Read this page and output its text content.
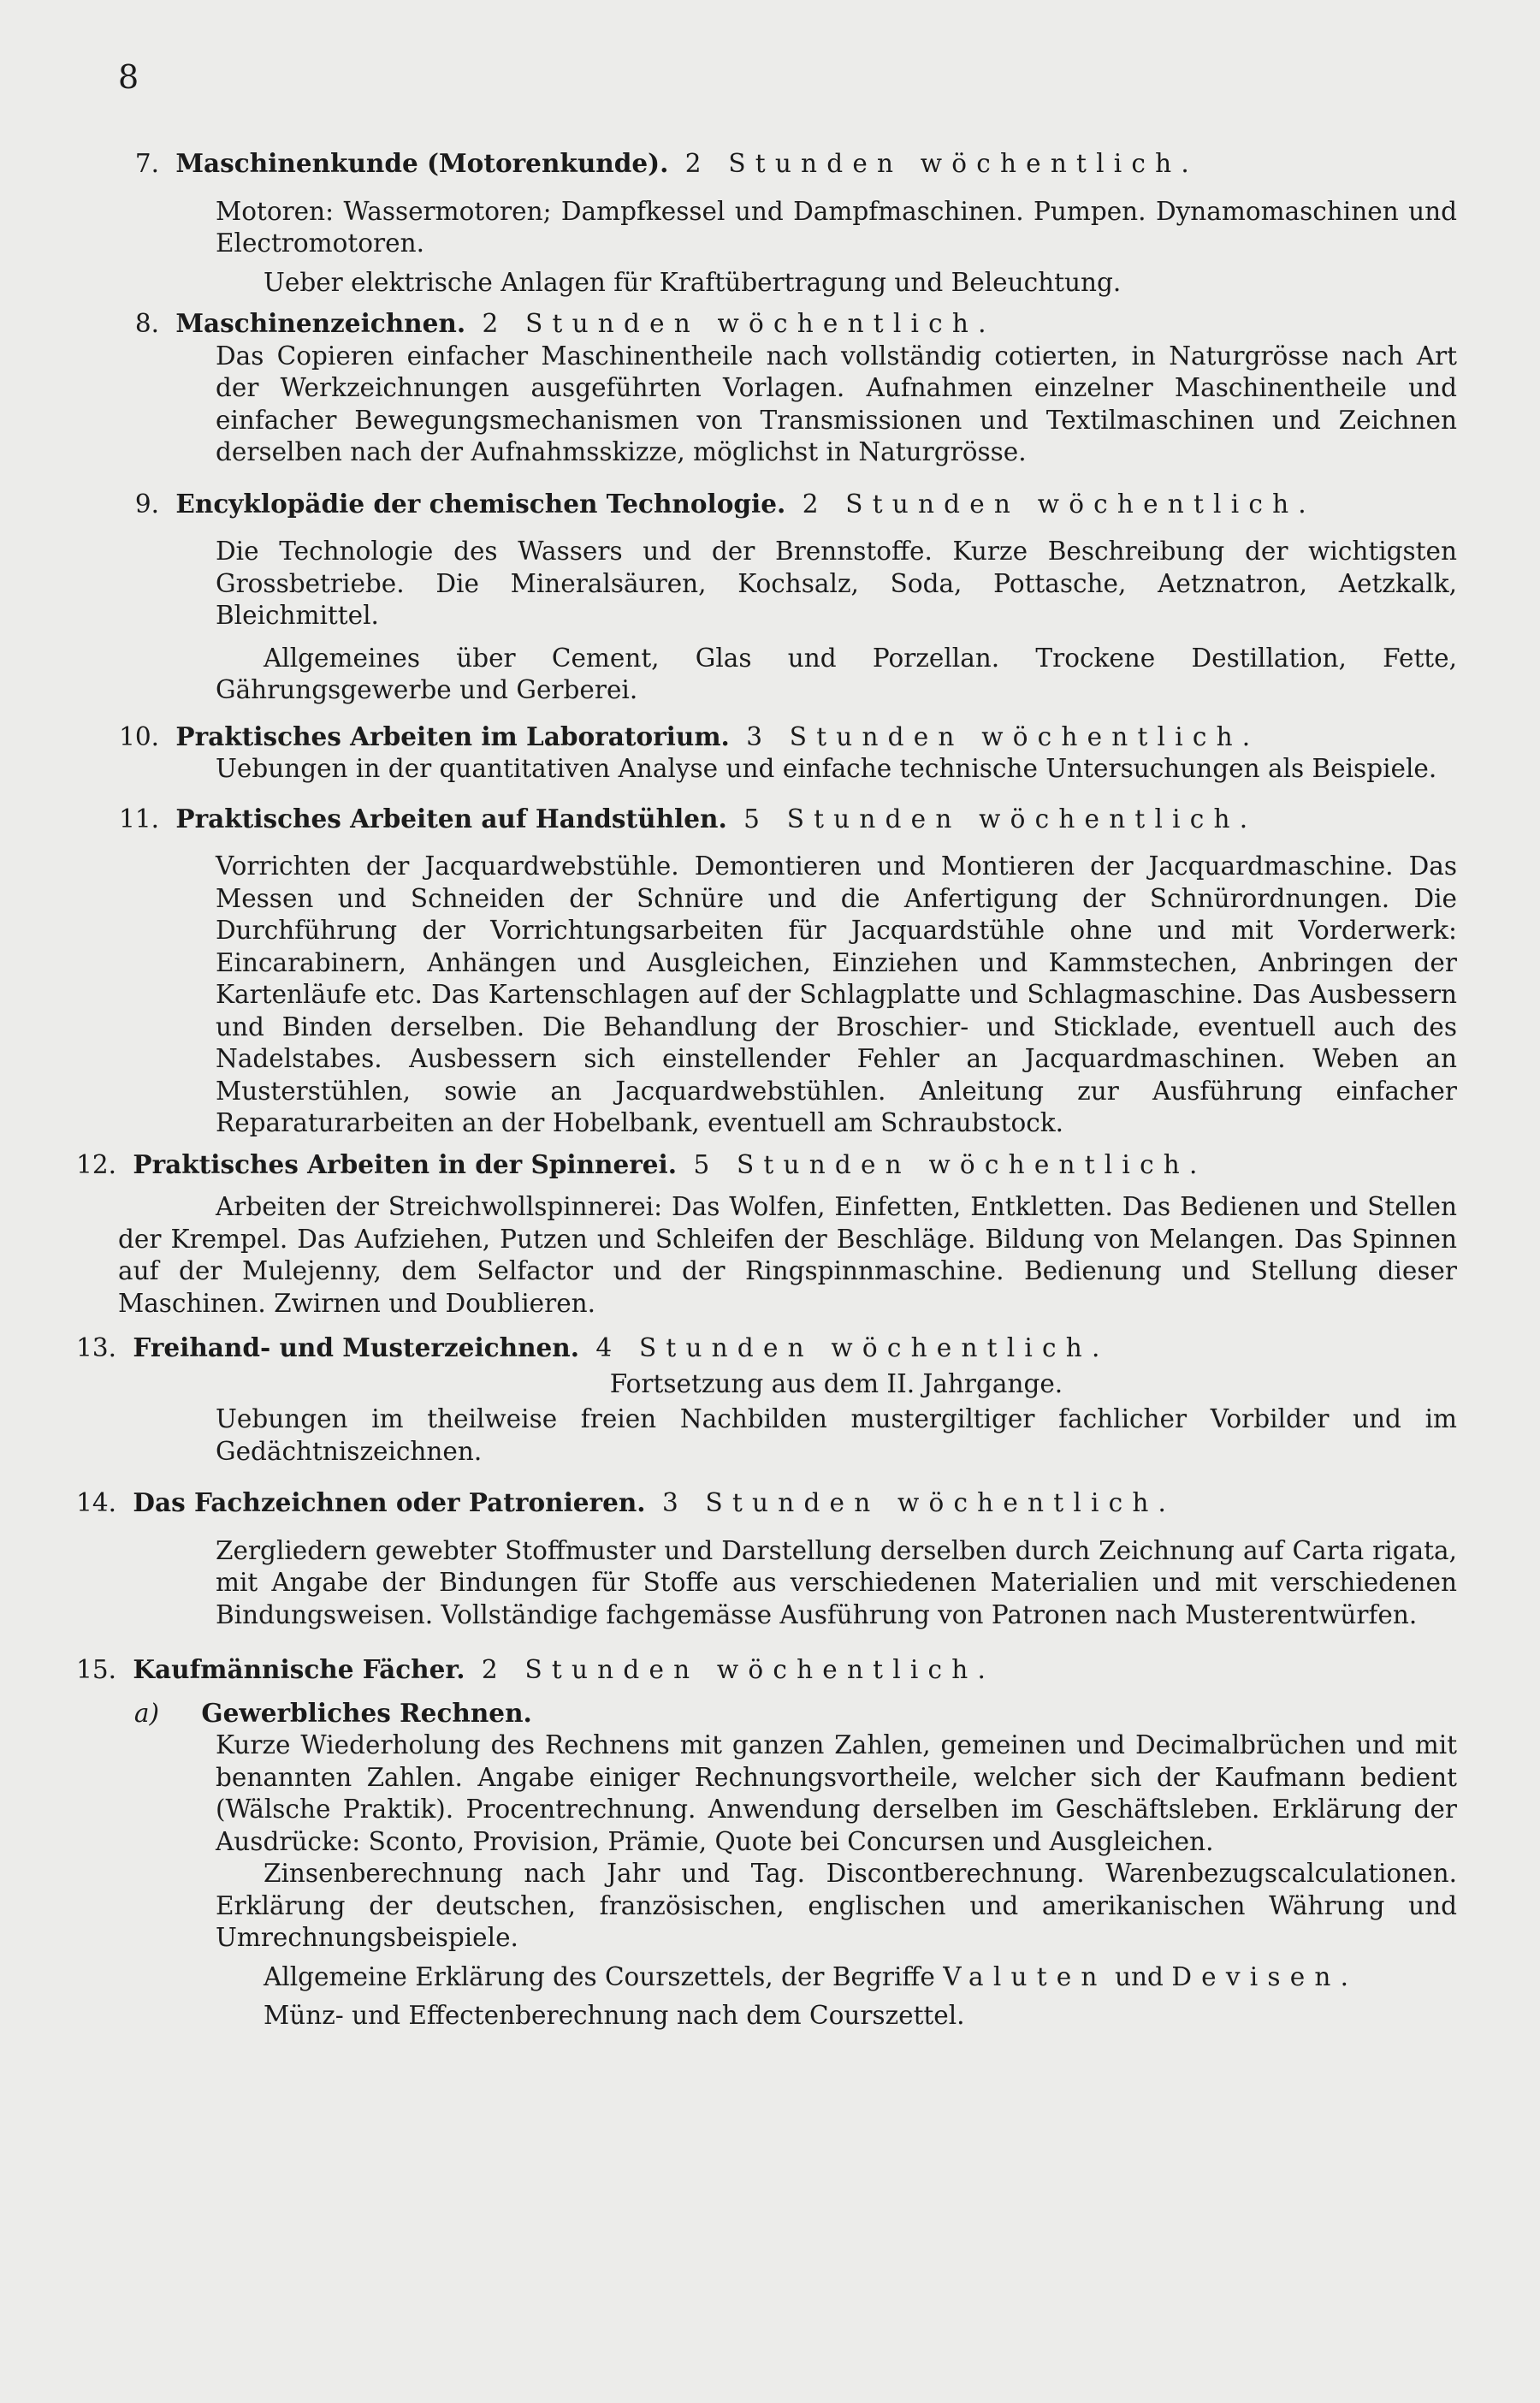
8
7. Maschinenkunde (Motorenkunde). 2 Stunden wöchentlich.
Motoren: Wassermotoren; Dampfkessel und Dampfmaschinen. Pumpen. Dynamomaschinen und Electromotoren.
Ueber elektrische Anlagen für Kraftübertragung und Beleuchtung.
8. Maschinenzeichnen. 2 Stunden wöchentlich.
Das Copieren einfacher Maschinentheile nach vollständig cotierten, in Naturgrösse nach Art der Werkzeichnungen ausgeführten Vorlagen. Aufnahmen einzelner Maschinentheile und einfacher Bewegungsmechanismen von Transmissionen und Textilmaschinen und Zeichnen derselben nach der Aufnahmsskizze, möglichst in Naturgrösse.
9. Encyklopädie der chemischen Technologie. 2 Stunden wöchentlich.
Die Technologie des Wassers und der Brennstoffe. Kurze Beschreibung der wichtigsten Grossbetriebe. Die Mineralsäuren, Kochsalz, Soda, Pottasche, Aetznatron, Aetzkalk, Bleichmittel.
Allgemeines über Cement, Glas und Porzellan. Trockene Destillation, Fette, Gährungsgewerbe und Gerberei.
10. Praktisches Arbeiten im Laboratorium. 3 Stunden wöchentlich.
Uebungen in der quantitativen Analyse und einfache technische Untersuchungen als Beispiele.
11. Praktisches Arbeiten auf Handstühlen. 5 Stunden wöchentlich.
Vorrichten der Jacquardwebstühle. Demontieren und Montieren der Jacquardmaschine. Das Messen und Schneiden der Schnüre und die Anfertigung der Schnürordnungen. Die Durchführung der Vorrichtungsarbeiten für Jacquardstühle ohne und mit Vorderwerk: Eincarabinern, Anhängen und Ausgleichen, Einziehen und Kammstechen, Anbringen der Kartenläufe etc. Das Kartenschlagen auf der Schlagplatte und Schlagmaschine. Das Ausbessern und Binden derselben. Die Behandlung der Broschier- und Sticklade, eventuell auch des Nadelstabes. Ausbessern sich einstellender Fehler an Jacquardmaschinen. Weben an Musterstühlen, sowie an Jacquardwebstühlen. Anleitung zur Ausführung einfacher Reparaturarbeiten an der Hobelbank, eventuell am Schraubstock.
12. Praktisches Arbeiten in der Spinnerei. 5 Stunden wöchentlich.
Arbeiten der Streichwollspinnerei: Das Wolfen, Einfetten, Entkletten. Das Bedienen und Stellen der Krempel. Das Aufziehen, Putzen und Schleifen der Beschläge. Bildung von Melangen. Das Spinnen auf der Mulejenny, dem Selfactor und der Ringspinnmaschine. Bedienung und Stellung dieser Maschinen. Zwirnen und Doublieren.
13. Freihand- und Musterzeichnen. 4 Stunden wöchentlich.
Fortsetzung aus dem II. Jahrgange.
Uebungen im theilweise freien Nachbilden mustergiltiger fachlicher Vorbilder und im Gedächtniszeichnen.
14. Das Fachzeichnen oder Patronieren. 3 Stunden wöchentlich.
Zergliedern gewebter Stoffmuster und Darstellung derselben durch Zeichnung auf Carta rigata, mit Angabe der Bindungen für Stoffe aus verschiedenen Materialien und mit verschiedenen Bindungsweisen. Vollständige fachgemässe Ausführung von Patronen nach Musterentwürfen.
15. Kaufmännische Fächer. 2 Stunden wöchentlich.
a) Gewerbliches Rechnen.
Kurze Wiederholung des Rechnens mit ganzen Zahlen, gemeinen und Decimalbrüchen und mit benannten Zahlen. Angabe einiger Rechnungsvortheile, welcher sich der Kaufmann bedient (Wälsche Praktik). Procentrechnung. Anwendung derselben im Geschäftsleben. Erklärung der Ausdrücke: Sconto, Provision, Prämie, Quote bei Concursen und Ausgleichen.
Zinsenberechnung nach Jahr und Tag. Discontberechnung. Warenbezugscalculationen. Erklärung der deutschen, französischen, englischen und amerikanischen Währung und Umrechnungsbeispiele.
Allgemeine Erklärung des Courszettels, der Begriffe Valuten und Devisen.
Münz- und Effectenberechnung nach dem Courszettel.
